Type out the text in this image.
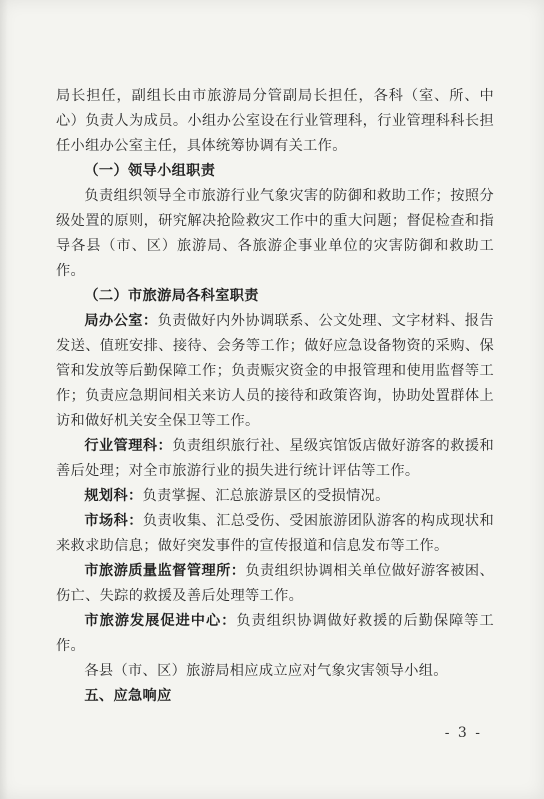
局长担任，副组长由市旅游局分管副局长担任，各科（室、所、中心）负责人为成员。小组办公室设在行业管理科，行业管理科科长担任小组办公室主任，具体统筹协调有关工作。

（一）领导小组职责

负责组织领导全市旅游行业气象灾害的防御和救助工作；按照分级处置的原则，研究解决抢险救灾工作中的重大问题；督促检查和指导各县（市、区）旅游局、各旅游企事业单位的灾害防御和救助工作。

（二）市旅游局各科室职责

局办公室：负责做好内外协调联系、公文处理、文字材料、报告发送、值班安排、接待、会务等工作；做好应急设备物资的采购、保管和发放等后勤保障工作；负责赈灾资金的申报管理和使用监督等工作；负责应急期间相关来访人员的接待和政策咨询，协助处置群体上访和做好机关安全保卫等工作。

行业管理科：负责组织旅行社、星级宾馆饭店做好游客的救援和善后处理；对全市旅游行业的损失进行统计评估等工作。

规划科：负责掌握、汇总旅游景区的受损情况。

市场科：负责收集、汇总受伤、受困旅游团队游客的构成现状和来救求助信息；做好突发事件的宣传报道和信息发布等工作。

市旅游质量监督管理所：负责组织协调相关单位做好游客被困、伤亡、失踪的救援及善后处理等工作。

市旅游发展促进中心：负责组织协调做好救援的后勤保障等工作。

各县（市、区）旅游局相应成立应对气象灾害领导小组。

五、应急响应

- 3 -
